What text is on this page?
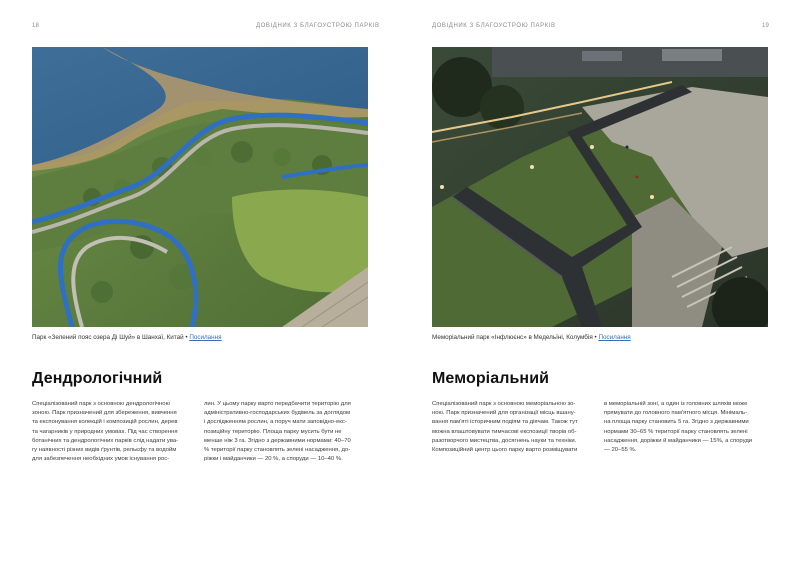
18	ДОВІДНИК З БЛАГОУСТРОЮ ПАРКІВ
Парк «Зелений пояс озера Ді Шуй» в Шанхаї, Китай • Посилання
Дендрологічний

Спеціалізований парк з основною дендрологічною

зоною. Парк призначений для збереження, вивчення

та експонування колекцій і композицій рослин, дерев

та чагарників у природних умовах. Під час створення

ботанічних та дендрологічних парків слід надати ува-

гу наявності різних видів ґрунтів, рельєфу та водойм

для забезпечення необхідних умов існування рос-

лин. У цьому парку варто передбачити територію для

адміністративно-господарських будівель за доглядом

і дослідженням рослин, а поруч мати заповідно-екс-

позиційну територію. Площа парку мусить бути не

менше ніж 3 га. Згідно з державними нормами: 40–70

% території парку становлять зелені насадження, до-

ріжки і майданчики — 20 %, а споруди — 10–40 %.

ДОВІДНИК З БЛАГОУСТРОЮ ПАРКІВ	19
Меморіальний парк «Інфлюєнс» в Медельїні, Колумбія • Посилання
Меморіальний

Спеціалізований парк з основною меморіальною зо-

ною. Парк призначений для організації місць вшану-

вання пам'яті історичним подіям та діячам. Також тут

можна влаштовувати тимчасові експозиції творів об-

разотворчого мистецтва, досягнень науки та техніки.

Композиційний центр цього парку варто розміщувати

в меморіальній зоні, а один із головних шляхів може

прямувати до головного пам'ятного місця. Мінімаль-

на площа парку становить 5 га. Згідно з державними

нормами 30–65 % території парку становлять зелені

насадження, доріжки й майданчики — 15%, а споруди

— 20–55 %.
